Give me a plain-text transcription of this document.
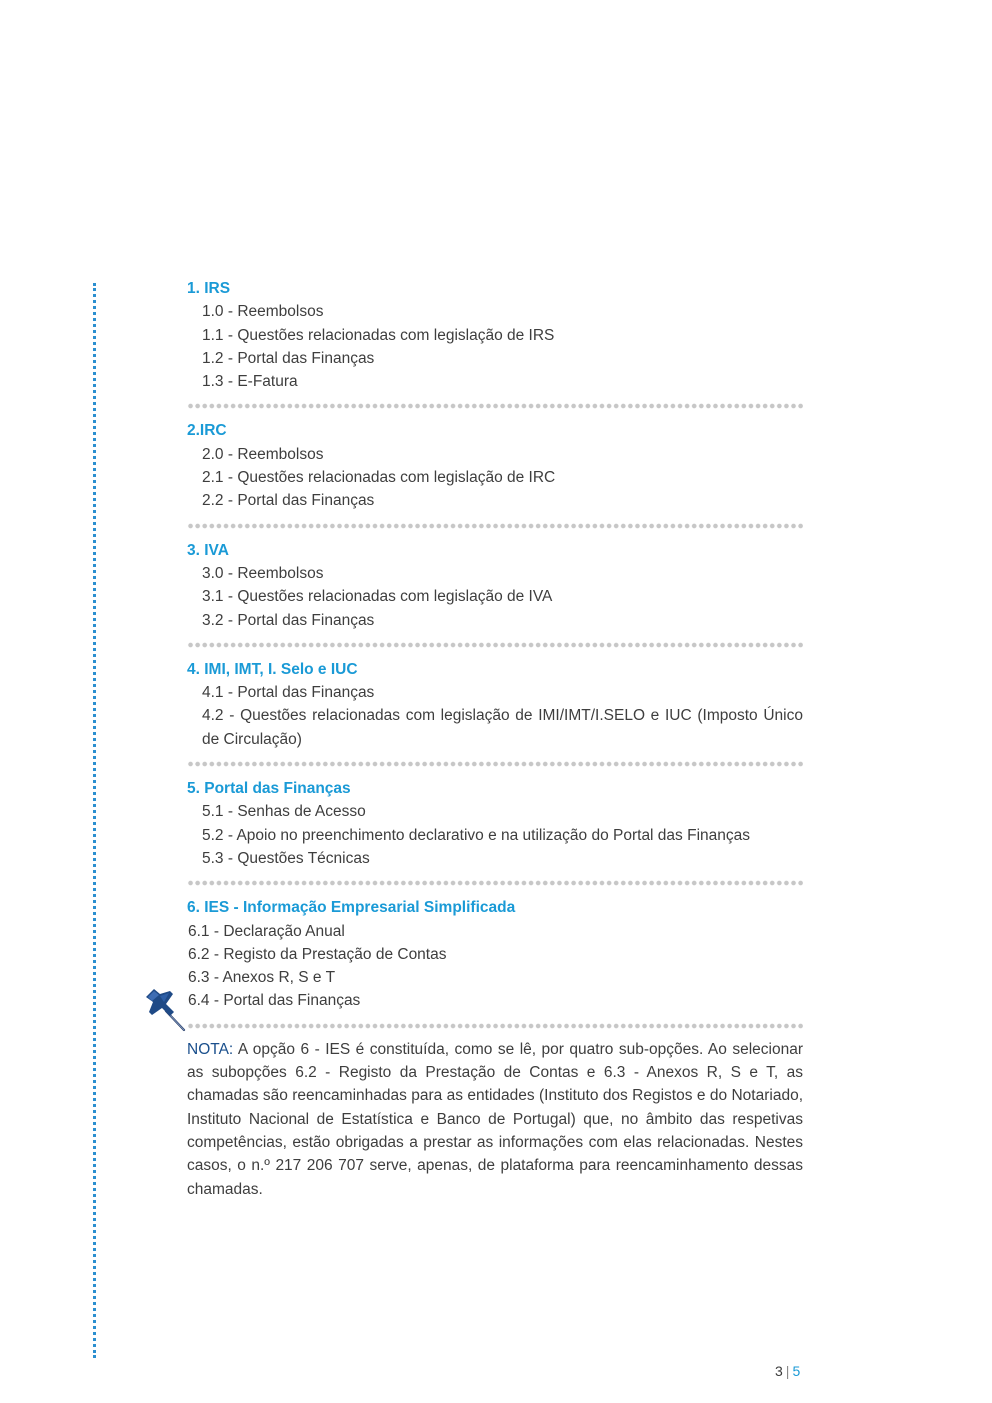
1. IRS
1.0 - Reembolsos
1.1 - Questões relacionadas com legislação de IRS
1.2 - Portal das Finanças
1.3 - E-Fatura
2.IRC
2.0 - Reembolsos
2.1 - Questões relacionadas com legislação de IRC
2.2 - Portal das Finanças
3. IVA
3.0 - Reembolsos
3.1 - Questões relacionadas com legislação de IVA
3.2 - Portal das Finanças
4. IMI, IMT, I. Selo e IUC
4.1 - Portal das Finanças
4.2 - Questões relacionadas com legislação de IMI/IMT/I.SELO e IUC (Imposto Único de Circulação)
5. Portal das Finanças
5.1 - Senhas de Acesso
5.2 - Apoio no preenchimento declarativo e na utilização do Portal das Finanças
5.3 - Questões Técnicas
6. IES - Informação Empresarial Simplificada
6.1 - Declaração Anual
6.2 - Registo da Prestação de Contas
6.3 - Anexos R, S e T
6.4 - Portal das Finanças
NOTA: A opção 6 - IES é constituída, como se lê, por quatro sub-opções. Ao selecionar as subopções 6.2 - Registo da Prestação de Contas e 6.3 - Anexos R, S e T, as chamadas são reencaminhadas para as entidades (Instituto dos Registos e do Notariado, Instituto Nacional de Estatística e Banco de Portugal) que, no âmbito das respetivas competências, estão obrigadas a prestar as informações com elas relacionadas. Nestes casos, o n.º 217 206 707 serve, apenas, de plataforma para reencaminhamento dessas chamadas.
3 | 5
